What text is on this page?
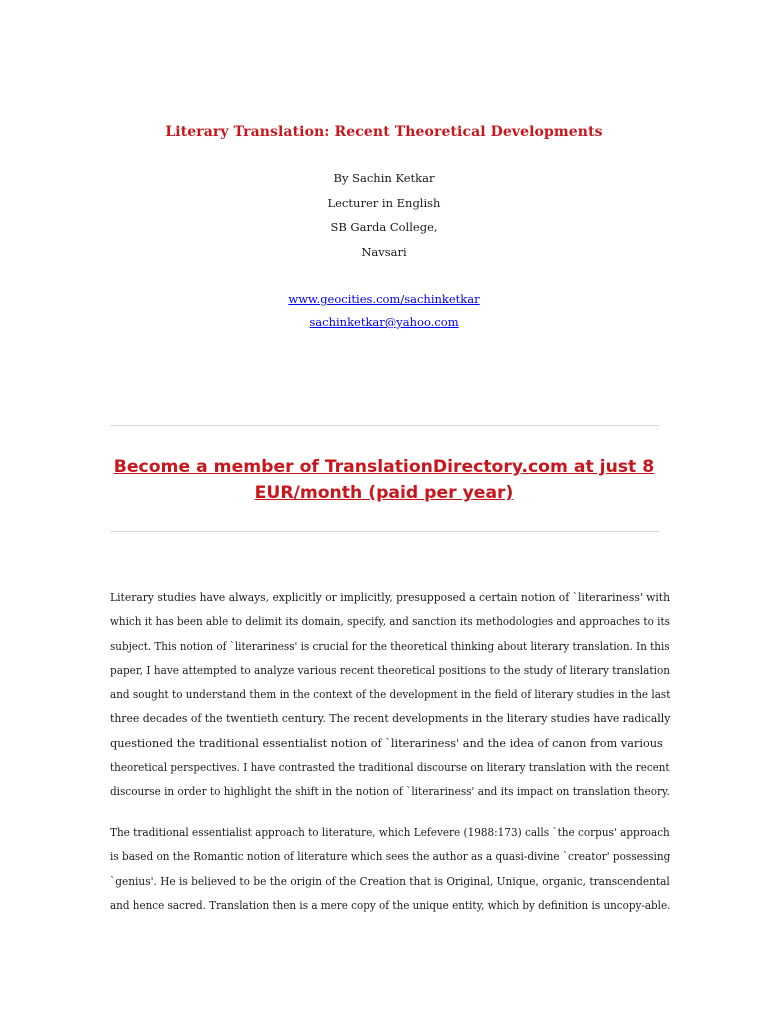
Literary Translation: Recent Theoretical Developments
By Sachin Ketkar
Lecturer in English
SB Garda College,
Navsari
www.geocities.com/sachinketkar
sachinketkar@yahoo.com
Become a member of TranslationDirectory.com at just 8
EUR/month (paid per year)
Literary studies have always, explicitly or implicitly, presupposed a certain notion of `literariness' with
which it has been able to delimit its domain, specify, and sanction its methodologies and approaches to its
subject. This notion of `literariness' is crucial for the theoretical thinking about literary translation. In this
paper, I have attempted to analyze various recent theoretical positions to the study of literary translation
and sought to understand them in the context of the development in the field of literary studies in the last
three decades of the twentieth century. The recent developments in the literary studies have radically
questioned the traditional essentialist notion of `literariness' and the idea of canon from various
theoretical perspectives. I have contrasted the traditional discourse on literary translation with the recent
discourse in order to highlight the shift in the notion of `literariness' and its impact on translation theory.
The traditional essentialist approach to literature, which Lefevere (1988:173) calls `the corpus' approach
is based on the Romantic notion of literature which sees the author as a quasi-divine `creator' possessing
`genius'. He is believed to be the origin of the Creation that is Original, Unique, organic, transcendental
and hence sacred. Translation then is a mere copy of the unique entity, which by definition is uncopy-able.
